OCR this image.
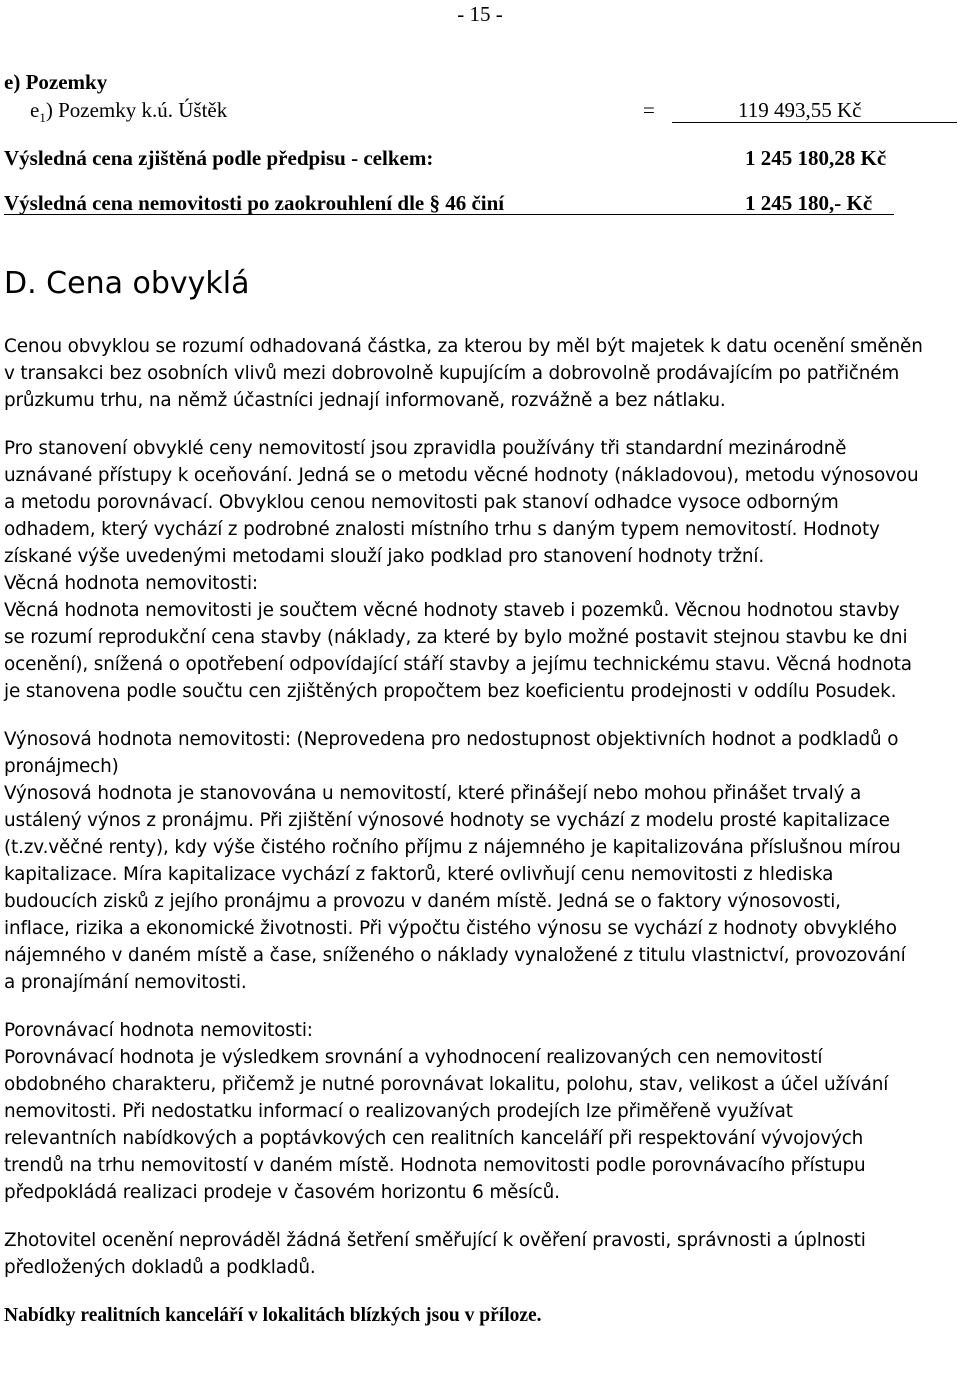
- 15 -
e) Pozemky
$e_1$) Pozemky k.ú. Úštěk	=	119 493,55 Kč
Výsledná cena zjištěná podle předpisu - celkem:	1 245 180,28 Kč
Výsledná cena nemovitosti po zaokrouhlení dle § 46 činí	1 245 180,- Kč
D. Cena obvyklá

Cenou obvyklou se rozumí odhadovaná částka, za kterou by měl být majetek k datu ocenění směněn
v transakci bez osobních vlivů mezi dobrovolně kupujícím a dobrovolně prodávajícím po patřičném
průzkumu trhu, na němž účastníci jednají informovaně, rozvážně a bez nátlaku.

Pro stanovení obvyklé ceny nemovitostí jsou zpravidla používány tři standardní mezinárodně
uznávané přístupy k oceňování. Jedná se o metodu věcné hodnoty (nákladovou), metodu výnosovou
a metodu porovnávací. Obvyklou cenou nemovitosti pak stanoví odhadce vysoce odborným
odhadem, který vychází z podrobné znalosti místního trhu s daným typem nemovitostí. Hodnoty
získané výše uvedenými metodami slouží jako podklad pro stanovení hodnoty tržní.
Věcná hodnota nemovitosti:
Věcná hodnota nemovitosti je součtem věcné hodnoty staveb i pozemků. Věcnou hodnotou stavby
se rozumí reprodukční cena stavby (náklady, za které by bylo možné postavit stejnou stavbu ke dni
ocenění), snížená o opotřebení odpovídající stáří stavby a jejímu technickému stavu. Věcná hodnota
je stanovena podle součtu cen zjištěných propočtem bez koeficientu prodejnosti v oddílu Posudek.

Výnosová hodnota nemovitosti: (Neprovedena pro nedostupnost objektivních hodnot a podkladů o
pronájmech)
Výnosová hodnota je stanovována u nemovitostí, které přinášejí nebo mohou přinášet trvalý a
ustálený výnos z pronájmu. Při zjištění výnosové hodnoty se vychází z modelu prosté kapitalizace
(t.zv.věčné renty), kdy výše čistého ročního příjmu z nájemného je kapitalizována příslušnou mírou
kapitalizace. Míra kapitalizace vychází z faktorů, které ovlivňují cenu nemovitosti z hlediska
budoucích zisků z jejího pronájmu a provozu v daném místě. Jedná se o faktory výnosovosti,
inflace, rizika a ekonomické životnosti. Při výpočtu čistého výnosu se vychází z hodnoty obvyklého
nájemného v daném místě a čase, sníženého o náklady vynaložené z titulu vlastnictví, provozování
a pronajímání nemovitosti.

Porovnávací hodnota nemovitosti:
Porovnávací hodnota je výsledkem srovnání a vyhodnocení realizovaných cen nemovitostí
obdobného charakteru, přičemž je nutné porovnávat lokalitu, polohu, stav, velikost a účel užívání
nemovitosti. Při nedostatku informací o realizovaných prodejích lze přiměřeně využívat
relevantních nabídkových a poptávkových cen realitních kanceláří při respektování vývojových
trendů na trhu nemovitostí v daném místě. Hodnota nemovitosti podle porovnávacího přístupu
předpokládá realizaci prodeje v časovém horizontu 6 měsíců.

Zhotovitel ocenění neprováděl žádná šetření směřující k ověření pravosti, správnosti a úplnosti
předložených dokladů a podkladů.

Nabídky realitních kanceláří v lokalitách blízkých jsou v příloze.
